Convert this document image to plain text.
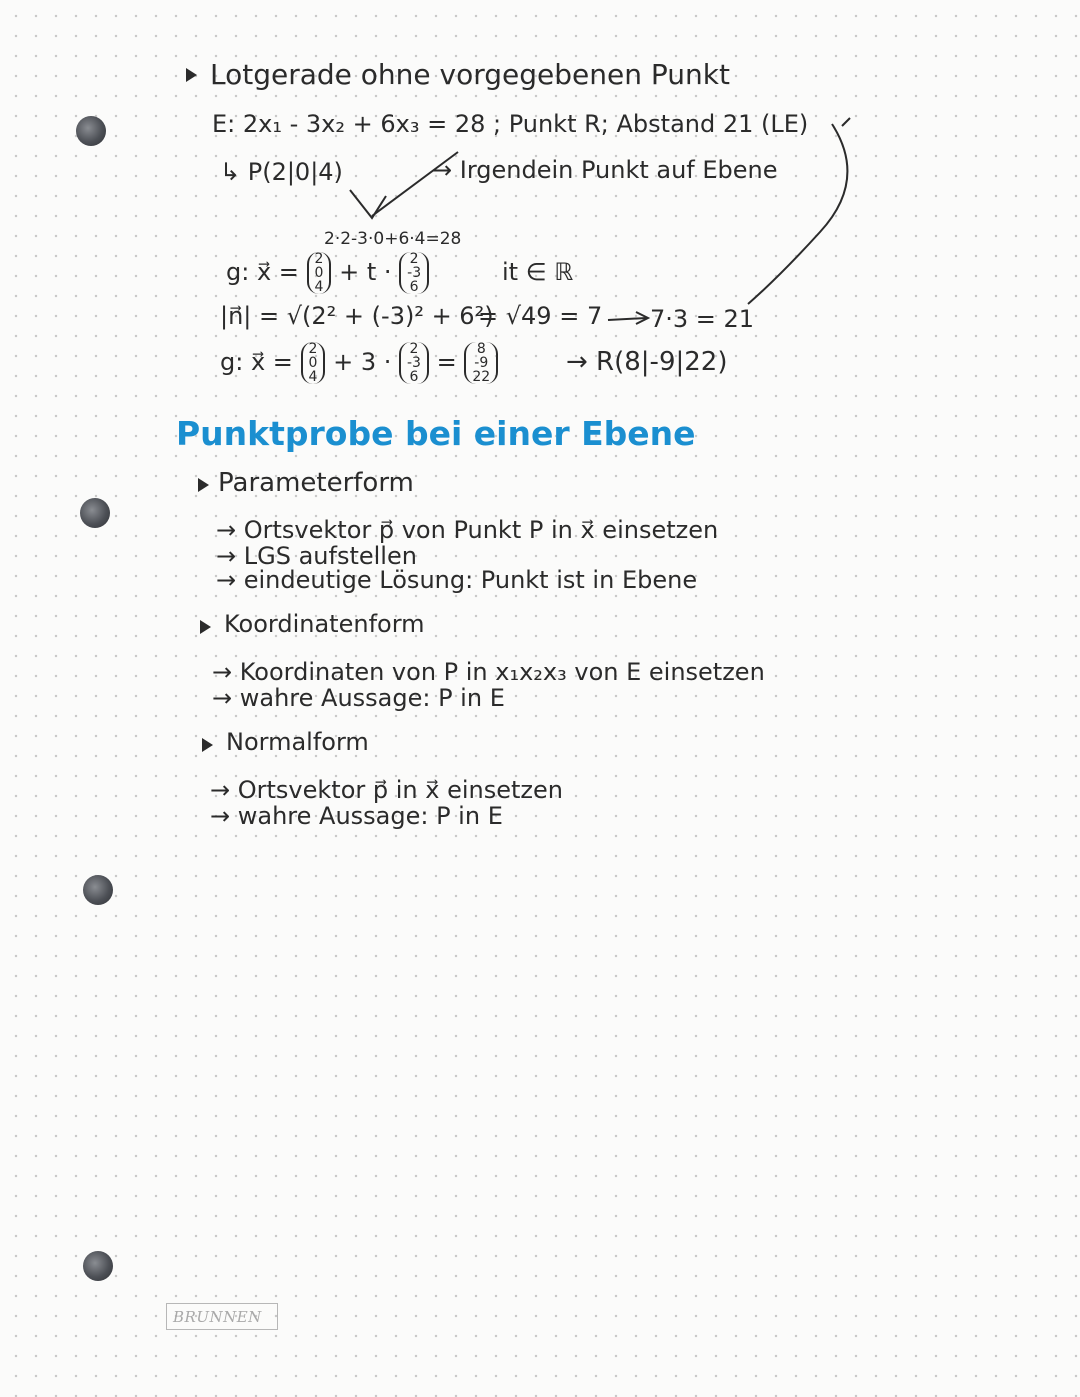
Lotgerade ohne vorgegebenen Punkt
E: 2x₁ - 3x₂ + 6x₃ = 28 ; Punkt R; Abstand 21 (LE)
↳ P(2|0|4)	→ Irgendein Punkt auf Ebene
2·2-3·0+6·4=28
g: x⃗ = 2
0
4 + t · 2
-3
6
it ∈ ℝ
|n⃗| = √(2² + (-3)² + 6²)
= √49 = 7 7·3 = 21
g: x⃗ = 2
0
4 + 3 · 2
-3
6 = 8
-9
22	→ R(8|-9|22)
Punktprobe bei einer Ebene
Parameterform
→ Ortsvektor p⃗ von Punkt P in x⃗ einsetzen
→ LGS aufstellen
→ eindeutige Lösung: Punkt ist in Ebene
Koordinatenform
→ Koordinaten von P in x₁x₂x₃ von E einsetzen
→ wahre Aussage: P in E
Normalform
→ Ortsvektor p⃗ in x⃗ einsetzen
→ wahre Aussage: P in E
BRUNNEN
